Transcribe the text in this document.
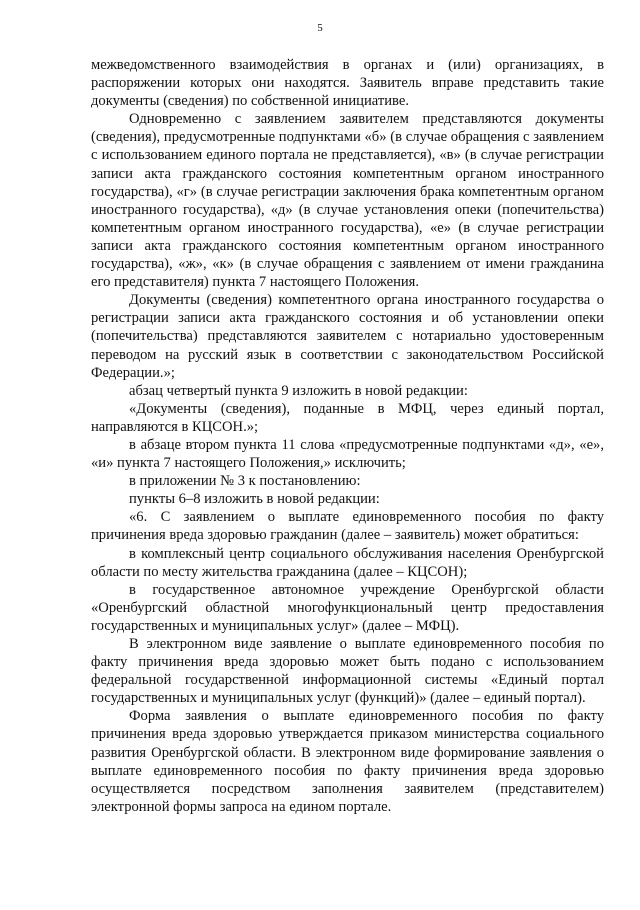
5

межведомственного взаимодействия в органах и (или) организациях, в распоряжении которых они находятся. Заявитель вправе представить такие документы (сведения) по собственной инициативе.

Одновременно с заявлением заявителем представляются документы (сведения), предусмотренные подпунктами «б» (в случае обращения с заявлением с использованием единого портала не представляется), «в» (в случае регистрации записи акта гражданского состояния компетентным органом иностранного государства), «г» (в случае регистрации заключения брака компетентным органом иностранного государства), «д» (в случае установления опеки (попечительства) компетентным органом иностранного государства), «е» (в случае регистрации записи акта гражданского состояния компетентным органом иностранного государства), «ж», «к» (в случае обращения с заявлением от имени гражданина его представителя) пункта 7 настоящего Положения.

Документы (сведения) компетентного органа иностранного государства о регистрации записи акта гражданского состояния и об установлении опеки (попечительства) представляются заявителем с нотариально удостоверенным переводом на русский язык в соответствии с законодательством Российской Федерации.»;

абзац четвертый пункта 9 изложить в новой редакции:

«Документы (сведения), поданные в МФЦ, через единый портал, направляются в КЦСОН.»;

в абзаце втором пункта 11 слова «предусмотренные подпунктами «д», «е», «и» пункта 7 настоящего Положения,» исключить;

в приложении № 3 к постановлению:

пункты 6–8 изложить в новой редакции:

«6. С заявлением о выплате единовременного пособия по факту причинения вреда здоровью гражданин (далее – заявитель) может обратиться:

в комплексный центр социального обслуживания населения Оренбургской области по месту жительства гражданина (далее – КЦСОН);

в государственное автономное учреждение Оренбургской области «Оренбургский областной многофункциональный центр предоставления государственных и муниципальных услуг» (далее – МФЦ).

В электронном виде заявление о выплате единовременного пособия по факту причинения вреда здоровью может быть подано с использованием федеральной государственной информационной системы «Единый портал государственных и муниципальных услуг (функций)» (далее – единый портал).

Форма заявления о выплате единовременного пособия по факту причинения вреда здоровью утверждается приказом министерства социального развития Оренбургской области. В электронном виде формирование заявления о выплате единовременного пособия по факту причинения вреда здоровью осуществляется посредством заполнения заявителем (представителем) электронной формы запроса на едином портале.
